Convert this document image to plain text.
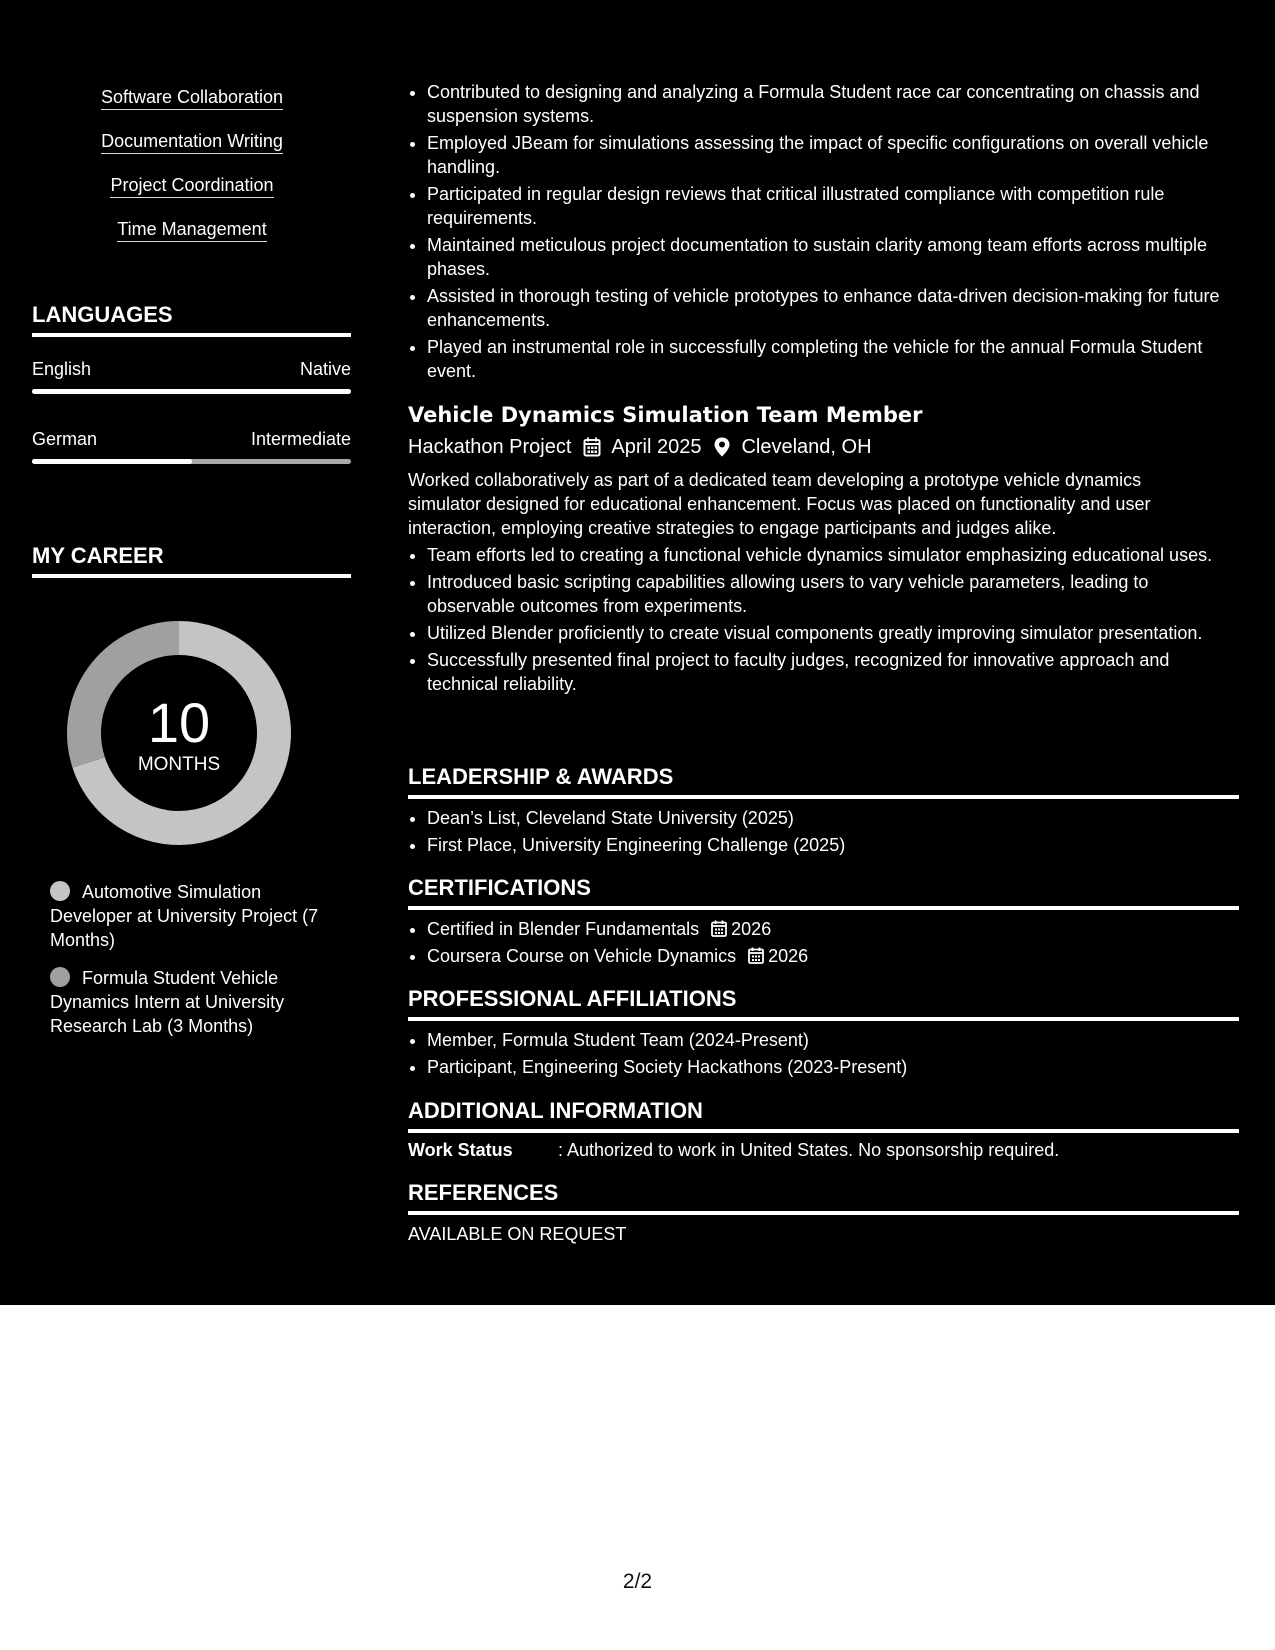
Software Collaboration
Documentation Writing
Project Coordination
Time Management
LANGUAGES
English	Native
German	Intermediate
MY CAREER
10
MONTHS
Automotive Simulation Developer at University Project (7 Months)
Formula Student Vehicle Dynamics Intern at University Research Lab (3 Months)
• Contributed to designing and analyzing a Formula Student race car concentrating on chassis and suspension systems.
• Employed JBeam for simulations assessing the impact of specific configurations on overall vehicle handling.
• Participated in regular design reviews that critical illustrated compliance with competition rule requirements.
• Maintained meticulous project documentation to sustain clarity among team efforts across multiple phases.
• Assisted in thorough testing of vehicle prototypes to enhance data-driven decision-making for future enhancements.
• Played an instrumental role in successfully completing the vehicle for the annual Formula Student event.
Vehicle Dynamics Simulation Team Member
Hackathon Project April 2025 Cleveland, OH
Worked collaboratively as part of a dedicated team developing a prototype vehicle dynamics simulator designed for educational enhancement. Focus was placed on functionality and user interaction, employing creative strategies to engage participants and judges alike.
• Team efforts led to creating a functional vehicle dynamics simulator emphasizing educational uses.
• Introduced basic scripting capabilities allowing users to vary vehicle parameters, leading to observable outcomes from experiments.
• Utilized Blender proficiently to create visual components greatly improving simulator presentation.
• Successfully presented final project to faculty judges, recognized for innovative approach and technical reliability.
LEADERSHIP & AWARDS
• Dean’s List, Cleveland State University (2025)
• First Place, University Engineering Challenge (2025)
CERTIFICATIONS
• Certified in Blender Fundamentals 2026
• Coursera Course on Vehicle Dynamics 2026
PROFESSIONAL AFFILIATIONS
• Member, Formula Student Team (2024-Present)
• Participant, Engineering Society Hackathons (2023-Present)
ADDITIONAL INFORMATION
Work Status	: Authorized to work in United States. No sponsorship required.
REFERENCES
AVAILABLE ON REQUEST
2/2
